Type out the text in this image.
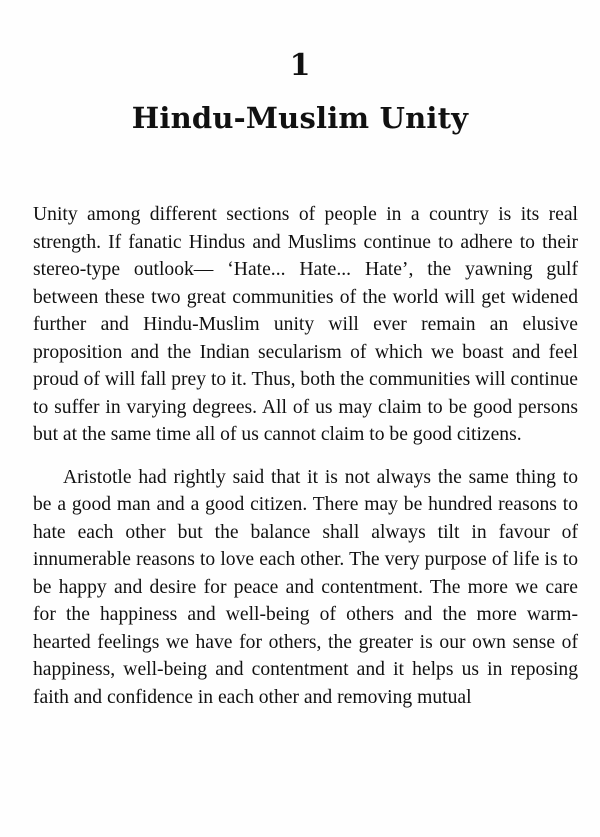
1
Hindu-Muslim Unity

Unity among different sections of people in a country is its real strength. If fanatic Hindus and Muslims continue to adhere to their stereo-type outlook— ‘Hate... Hate... Hate’, the yawning gulf between these two great communities of the world will get widened further and Hindu-Muslim unity will ever remain an elusive proposition and the Indian secularism of which we boast and feel proud of will fall prey to it. Thus, both the communities will continue to suffer in varying degrees. All of us may claim to be good persons but at the same time all of us cannot claim to be good citizens.

Aristotle had rightly said that it is not always the same thing to be a good man and a good citizen. There may be hundred reasons to hate each other but the balance shall always tilt in favour of innumerable reasons to love each other. The very purpose of life is to be happy and desire for peace and contentment. The more we care for the happiness and well-being of others and the more warm-hearted feelings we have for others, the greater is our own sense of happiness, well-being and contentment and it helps us in reposing faith and confidence in each other and removing mutual
